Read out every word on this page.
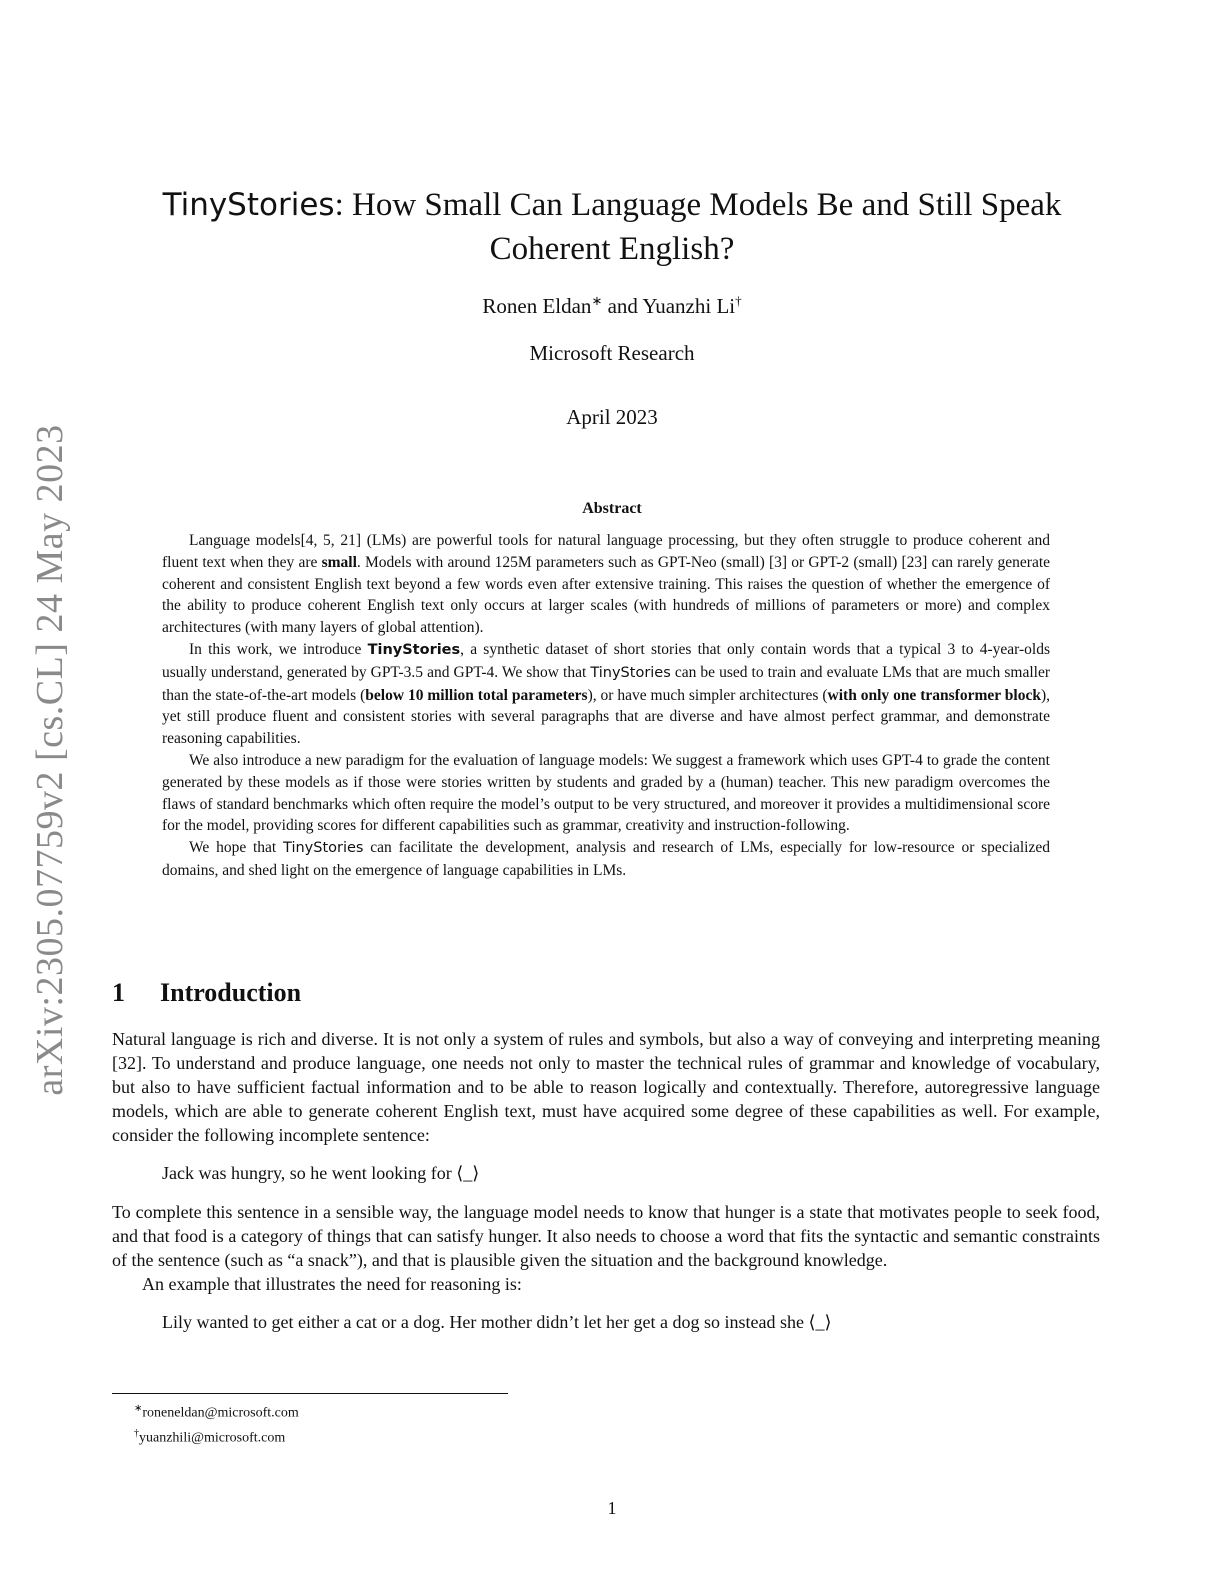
arXiv:2305.07759v2 [cs.CL] 24 May 2023
TinyStories: How Small Can Language Models Be and Still Speak
Coherent English?
Ronen Eldan∗ and Yuanzhi Li†
Microsoft Research
April 2023
Abstract

Language models[4, 5, 21] (LMs) are powerful tools for natural language processing, but they often struggle to produce coherent and fluent text when they are small. Models with around 125M parameters such as GPT-Neo (small) [3] or GPT-2 (small) [23] can rarely generate coherent and consistent English text beyond a few words even after extensive training. This raises the question of whether the emergence of the ability to produce coherent English text only occurs at larger scales (with hundreds of millions of parameters or more) and complex architectures (with many layers of global attention).

In this work, we introduce TinyStories, a synthetic dataset of short stories that only contain words that a typical 3 to 4-year-olds usually understand, generated by GPT-3.5 and GPT-4. We show that TinyStories can be used to train and evaluate LMs that are much smaller than the state-of-the-art models (below 10 million total parameters), or have much simpler architectures (with only one transformer block), yet still produce fluent and consistent stories with several paragraphs that are diverse and have almost perfect grammar, and demonstrate reasoning capabilities.

We also introduce a new paradigm for the evaluation of language models: We suggest a framework which uses GPT-4 to grade the content generated by these models as if those were stories written by students and graded by a (human) teacher. This new paradigm overcomes the flaws of standard benchmarks which often require the model’s output to be very structured, and moreover it provides a multidimensional score for the model, providing scores for different capabilities such as grammar, creativity and instruction-following.

We hope that TinyStories can facilitate the development, analysis and research of LMs, especially for low-resource or specialized domains, and shed light on the emergence of language capabilities in LMs.

1 Introduction

Natural language is rich and diverse. It is not only a system of rules and symbols, but also a way of conveying and interpreting meaning [32]. To understand and produce language, one needs not only to master the technical rules of grammar and knowledge of vocabulary, but also to have sufficient factual information and to be able to reason logically and contextually. Therefore, autoregressive language models, which are able to generate coherent English text, must have acquired some degree of these capabilities as well. For example, consider the following incomplete sentence:

Jack was hungry, so he went looking for ⟨_⟩

To complete this sentence in a sensible way, the language model needs to know that hunger is a state that motivates people to seek food, and that food is a category of things that can satisfy hunger. It also needs to choose a word that fits the syntactic and semantic constraints of the sentence (such as “a snack”), and that is plausible given the situation and the background knowledge.

An example that illustrates the need for reasoning is:

Lily wanted to get either a cat or a dog. Her mother didn’t let her get a dog so instead she ⟨_⟩

∗roneneldan@microsoft.com
†yuanzhili@microsoft.com
1
